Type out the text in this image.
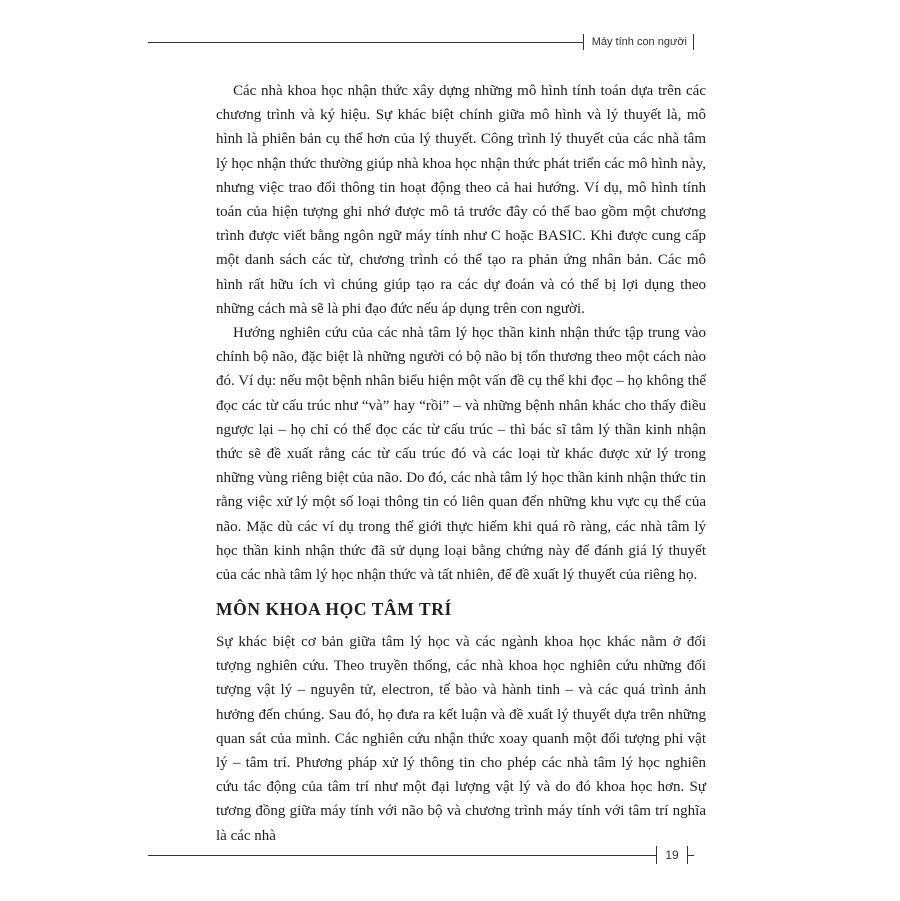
Máy tính con người

Các nhà khoa học nhận thức xây dựng những mô hình tính toán dựa trên các chương trình và ký hiệu. Sự khác biệt chính giữa mô hình và lý thuyết là, mô hình là phiên bản cụ thể hơn của lý thuyết. Công trình lý thuyết của các nhà tâm lý học nhận thức thường giúp nhà khoa học nhận thức phát triển các mô hình này, nhưng việc trao đổi thông tin hoạt động theo cả hai hướng. Ví dụ, mô hình tính toán của hiện tượng ghi nhớ được mô tả trước đây có thể bao gồm một chương trình được viết bằng ngôn ngữ máy tính như C hoặc BASIC. Khi được cung cấp một danh sách các từ, chương trình có thể tạo ra phản ứng nhân bản. Các mô hình rất hữu ích vì chúng giúp tạo ra các dự đoán và có thể bị lợi dụng theo những cách mà sẽ là phi đạo đức nếu áp dụng trên con người.

Hướng nghiên cứu của các nhà tâm lý học thần kinh nhận thức tập trung vào chính bộ não, đặc biệt là những người có bộ não bị tổn thương theo một cách nào đó. Ví dụ: nếu một bệnh nhân biểu hiện một vấn đề cụ thể khi đọc – họ không thể đọc các từ cấu trúc như “và” hay “rồi” – và những bệnh nhân khác cho thấy điều ngược lại – họ chỉ có thể đọc các từ cấu trúc – thì bác sĩ tâm lý thần kinh nhận thức sẽ đề xuất rằng các từ cấu trúc đó và các loại từ khác được xử lý trong những vùng riêng biệt của não. Do đó, các nhà tâm lý học thần kinh nhận thức tin rằng việc xử lý một số loại thông tin có liên quan đến những khu vực cụ thể của não. Mặc dù các ví dụ trong thế giới thực hiếm khi quá rõ ràng, các nhà tâm lý học thần kinh nhận thức đã sử dụng loại bằng chứng này để đánh giá lý thuyết của các nhà tâm lý học nhận thức và tất nhiên, để đề xuất lý thuyết của riêng họ.

MÔN KHOA HỌC TÂM TRÍ

Sự khác biệt cơ bản giữa tâm lý học và các ngành khoa học khác nằm ở đối tượng nghiên cứu. Theo truyền thống, các nhà khoa học nghiên cứu những đối tượng vật lý – nguyên tử, electron, tế bào và hành tinh – và các quá trình ảnh hưởng đến chúng. Sau đó, họ đưa ra kết luận và đề xuất lý thuyết dựa trên những quan sát của mình. Các nghiên cứu nhận thức xoay quanh một đối tượng phi vật lý – tâm trí. Phương pháp xử lý thông tin cho phép các nhà tâm lý học nghiên cứu tác động của tâm trí như một đại lượng vật lý và do đó khoa học hơn. Sự tương đồng giữa máy tính với não bộ và chương trình máy tính với tâm trí nghĩa là các nhà

19
